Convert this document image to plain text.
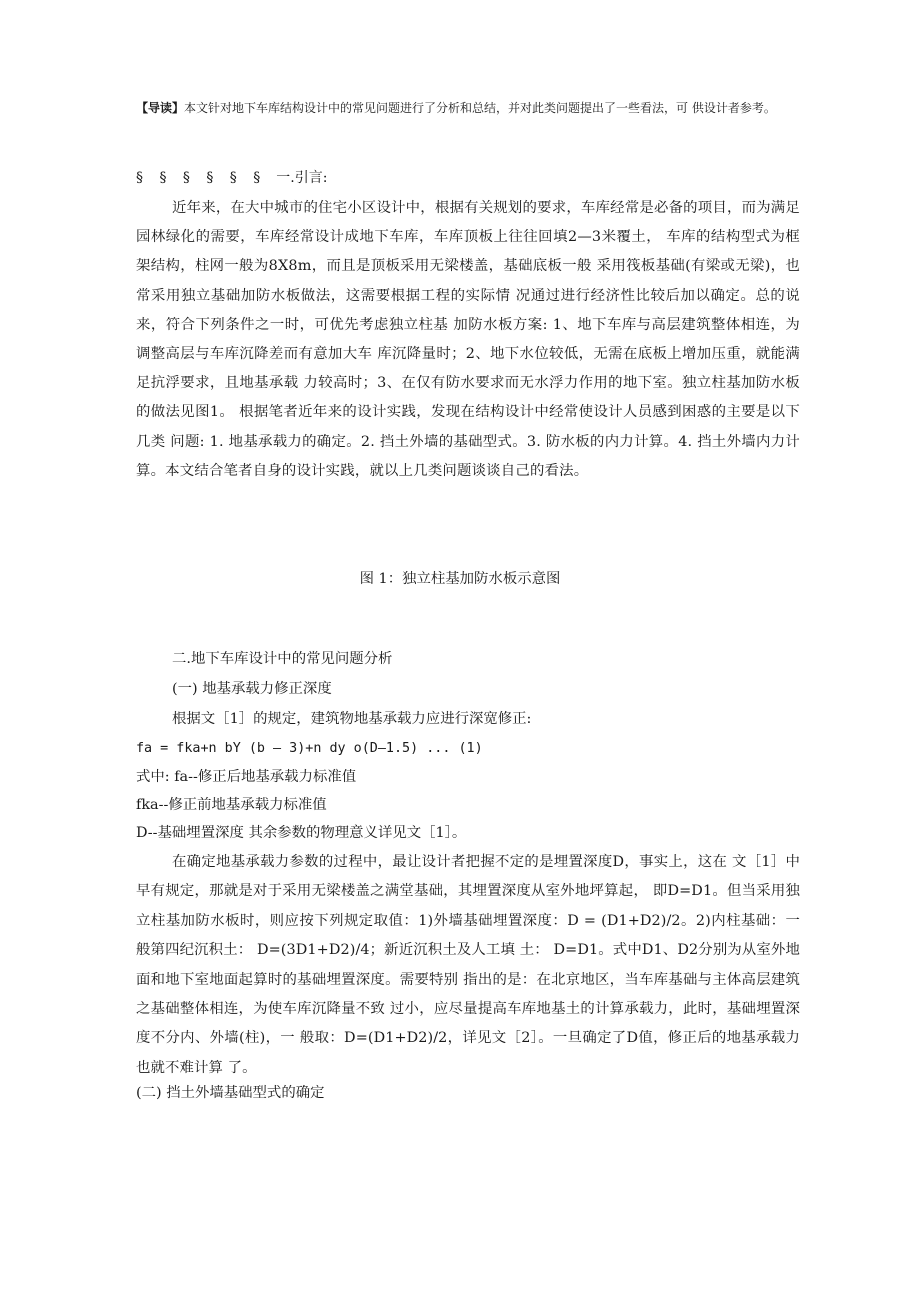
【导读】本文针对地下车库结构设计中的常见问题进行了分析和总结，并对此类问题提出了一些看法，可 供设计者参考。
§ § § § § § 一.引言:
近年来，在大中城市的住宅小区设计中，根据有关规划的要求，车库经常是必备的项目，而为满足园林绿化的需要，车库经常设计成地下车库，车库顶板上往往回填2—3米覆土， 车库的结构型式为框架结构，柱网一般为8X8m，而且是顶板采用无梁楼盖，基础底板一般 采用筏板基础(有梁或无梁)，也常采用独立基础加防水板做法，这需要根据工程的实际情 况通过进行经济性比较后加以确定。总的说来，符合下列条件之一时，可优先考虑独立柱基 加防水板方案: 1、地下车库与高层建筑整体相连，为调整高层与车库沉降差而有意加大车 库沉降量时；2、地下水位较低，无需在底板上增加压重，就能满足抗浮要求，且地基承载 力较高时；3、在仅有防水要求而无水浮力作用的地下室。独立柱基加防水板的做法见图1。 根据笔者近年来的设计实践，发现在结构设计中经常使设计人员感到困惑的主要是以下几类 问题: 1. 地基承载力的确定。2. 挡土外墙的基础型式。3. 防水板的内力计算。4. 挡土外墙内力计算。本文结合笔者自身的设计实践，就以上几类问题谈谈自己的看法。
图 1：独立柱基加防水板示意图
二.地下车库设计中的常见问题分析
(一) 地基承载力修正深度
根据文［1］的规定，建筑物地基承载力应进行深宽修正:
fa = fka+n bY (b — 3)+n dy o(D—1.5) ... (1)
式中: fa--修正后地基承载力标准值
fka--修正前地基承载力标准值
D--基础埋置深度 其余参数的物理意义详见文［1］。
在确定地基承载力参数的过程中，最让设计者把握不定的是埋置深度D，事实上，这在 文［1］中早有规定，那就是对于采用无梁楼盖之满堂基础，其埋置深度从室外地坪算起， 即D=D1。但当采用独立柱基加防水板时，则应按下列规定取值：1)外墙基础埋置深度：D = (D1+D2)/2。2)内柱基础：一般第四纪沉积土： D=(3D1+D2)/4；新近沉积土及人工填 土： D=D1。式中D1、D2分别为从室外地面和地下室地面起算时的基础埋置深度。需要特别 指出的是：在北京地区，当车库基础与主体高层建筑之基础整体相连，为使车库沉降量不致 过小，应尽量提高车库地基土的计算承载力，此时，基础埋置深度不分内、外墙(柱)，一 般取：D=(D1+D2)/2，详见文［2］。一旦确定了D值，修正后的地基承载力也就不难计算 了。
(二) 挡土外墙基础型式的确定
